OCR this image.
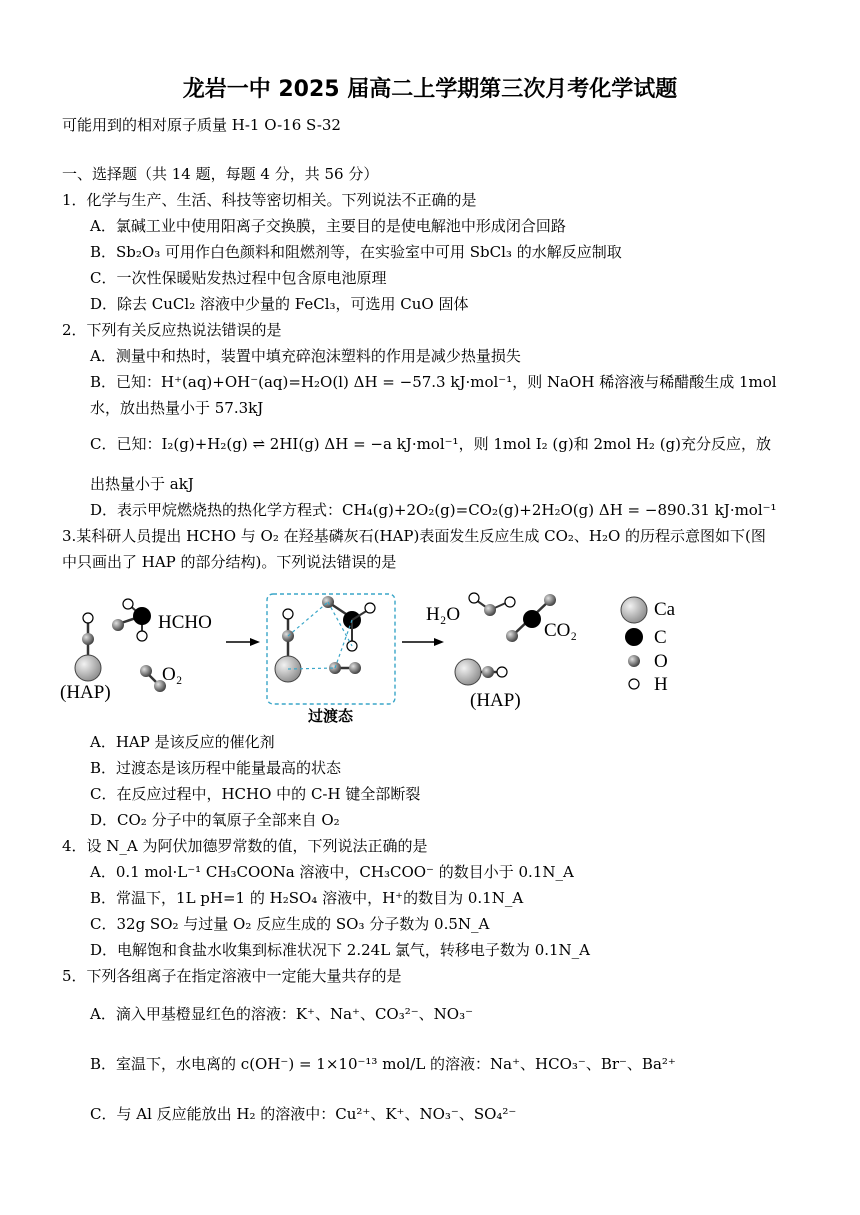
龙岩一中 2025 届高二上学期第三次月考化学试题
可能用到的相对原子质量 H-1 O-16 S-32
一、选择题（共 14 题，每题 4 分，共 56 分）
1．化学与生产、生活、科技等密切相关。下列说法不正确的是
A．氯碱工业中使用阳离子交换膜，主要目的是使电解池中形成闭合回路
B．Sb₂O₃ 可用作白色颜料和阻燃剂等，在实验室中可用 SbCl₃ 的水解反应制取
C．一次性保暖贴发热过程中包含原电池原理
D．除去 CuCl₂ 溶液中少量的 FeCl₃，可选用 CuO 固体
2．下列有关反应热说法错误的是
A．测量中和热时，装置中填充碎泡沫塑料的作用是减少热量损失
B．已知：H⁺(aq)+OH⁻(aq)=H₂O(l) ΔH = −57.3 kJ·mol⁻¹，则 NaOH 稀溶液与稀醋酸生成 1mol
水，放出热量小于 57.3kJ
C．已知：I₂(g)+H₂(g) ⇌ 2HI(g) ΔH = −a kJ·mol⁻¹，则 1mol I₂ (g)和 2mol H₂ (g)充分反应，放
出热量小于 akJ
D．表示甲烷燃烧热的热化学方程式：CH₄(g)+2O₂(g)=CO₂(g)+2H₂O(g) ΔH = −890.31 kJ·mol⁻¹
3.某科研人员提出 HCHO 与 O₂ 在羟基磷灰石(HAP)表面发生反应生成 CO₂、H₂O 的历程示意图如下(图
中只画出了 HAP 的部分结构)。下列说法错误的是
(HAP)
HCHO
O₂
过渡态
H₂O
CO₂
(HAP)
Ca
C
O
H
A．HAP 是该反应的催化剂
B．过渡态是该历程中能量最高的状态
C．在反应过程中，HCHO 中的 C-H 键全部断裂
D．CO₂ 分子中的氧原子全部来自 O₂
4．设 N_A 为阿伏加德罗常数的值，下列说法正确的是
A．0.1 mol·L⁻¹ CH₃COONa 溶液中，CH₃COO⁻ 的数目小于 0.1N_A
B．常温下，1L pH=1 的 H₂SO₄ 溶液中，H⁺的数目为 0.1N_A
C．32g SO₂ 与过量 O₂ 反应生成的 SO₃ 分子数为 0.5N_A
D．电解饱和食盐水收集到标准状况下 2.24L 氯气，转移电子数为 0.1N_A
5．下列各组离子在指定溶液中一定能大量共存的是
A．滴入甲基橙显红色的溶液：K⁺、Na⁺、CO₃²⁻、NO₃⁻
B．室温下，水电离的 c(OH⁻) = 1×10⁻¹³ mol/L 的溶液：Na⁺、HCO₃⁻、Br⁻、Ba²⁺
C．与 Al 反应能放出 H₂ 的溶液中：Cu²⁺、K⁺、NO₃⁻、SO₄²⁻
